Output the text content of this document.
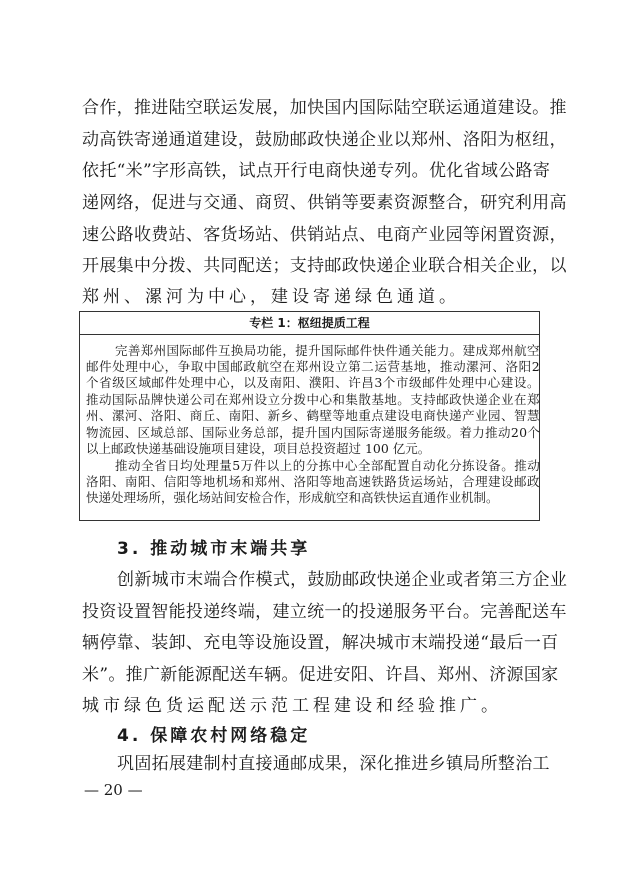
合 作 ， 推 进 陆 空 联 运 发 展 ， 加 快 国 内 国 际 陆 空 联 运 通 道 建 设 。 推
动 高 铁 寄 递 通 道 建 设 ， 鼓 励 邮 政 快 递 企 业 以 郑 州 、 洛 阳 为 枢 纽 ，
依 托 “ 米 ” 字 形 高 铁 ， 试 点 开 行 电 商 快 递 专 列 。 优 化 省 域 公 路 寄
递 网 络 ， 促 进 与 交 通 、 商 贸 、 供 销 等 要 素 资 源 整 合 ， 研 究 利 用 高
速 公 路 收 费 站 、 客 货 场 站 、 供 销 站 点 、 电 商 产 业 园 等 闲 置 资 源 ，
开 展 集 中 分 拨 、 共 同 配 送 ； 支 持 邮 政 快 递 企 业 联 合 相 关 企 业 ， 以
郑州、漯河为中心，建设寄递绿色通道。
专栏 1：枢纽提质工程
完 善 郑 州 国 际 邮 件 互 换 局 功 能 ， 提 升 国 际 邮 件 快 件 通 关 能 力 。 建 成 郑 州 航 空
邮 件 处 理 中 心 ， 争 取 中 国 邮 政 航 空 在 郑 州 设 立 第 二 运 营 基 地 ， 推 动 漯 河 、 洛 阳 2
个 省 级 区 域 邮 件 处 理 中 心 ， 以 及 南 阳 、 濮 阳 、 许 昌 3 个 市 级 邮 件 处 理 中 心 建 设 。
推 动 国 际 品 牌 快 递 公 司 在 郑 州 设 立 分 拨 中 心 和 集 散 基 地 。 支 持 邮 政 快 递 企 业 在 郑
州 、 漯 河 、 洛 阳 、 商 丘 、 南 阳 、 新 乡 、 鹤 壁 等 地 重 点 建 设 电 商 快 递 产 业 园 、 智 慧
物 流 园 、 区 域 总 部 、 国 际 业 务 总 部 ， 提 升 国 内 国 际 寄 递 服 务 能 级 。 着 力 推 动 2 0 个
以上邮政快递基础设施项目建设，项目总投资超过 100 亿元。
推 动 全 省 日 均 处 理 量 5 万 件 以 上 的 分 拣 中 心 全 部 配 置 自 动 化 分 拣 设 备 。 推 动
洛 阳 、 南 阳 、 信 阳 等 地 机 场 和 郑 州 、 洛 阳 等 地 高 速 铁 路 货 运 场 站 ， 合 理 建 设 邮 政
快递处理场所，强化场站间安检合作，形成航空和高铁快运直通作业机制。
3. 推动城市末端共享
创 新 城 市 末 端 合 作 模 式 ， 鼓 励 邮 政 快 递 企 业 或 者 第 三 方 企 业
投 资 设 置 智 能 投 递 终 端 ， 建 立 统 一 的 投 递 服 务 平 台 。 完 善 配 送 车
辆 停 靠 、 装 卸 、 充 电 等 设 施 设 置 ， 解 决 城 市 末 端 投 递 “ 最 后 一 百
米 ” 。 推 广 新 能 源 配 送 车 辆 。 促 进 安 阳 、 许 昌 、 郑 州 、 济 源 国 家
城市绿色货运配送示范工程建设和经验推广。
4. 保障农村网络稳定
巩 固 拓 展 建 制 村 直 接 通 邮 成 果 ， 深 化 推 进 乡 镇 局 所 整 治 工
— 20 —
